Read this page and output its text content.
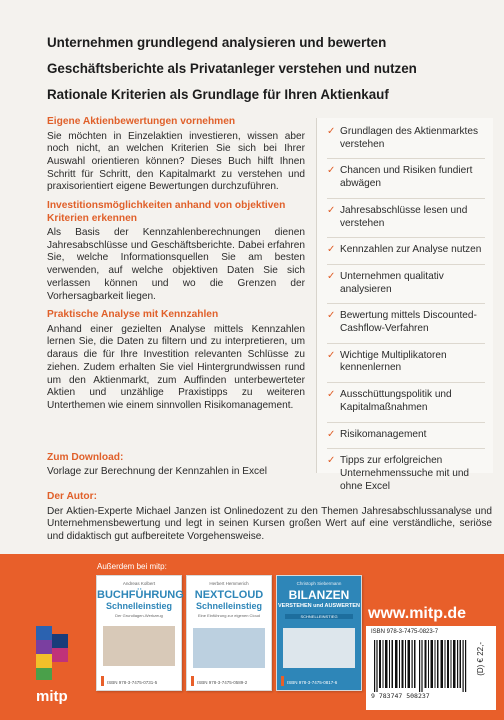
Unternehmen grundlegend analysieren und bewerten
Geschäftsberichte als Privatanleger verstehen und nutzen
Rationale Kriterien als Grundlage für Ihren Aktienkauf

Eigene Aktienbewertungen vornehmen

Sie möchten in Einzelaktien investieren, wissen aber noch nicht, an welchen Kriterien Sie sich bei Ihrer Auswahl orientieren können? Dieses Buch hilft Ihnen Schritt für Schritt, den Kapitalmarkt zu verstehen und praxisorientiert eigene Bewertungen durchzuführen.

Investitionsmöglichkeiten anhand von objektiven Kriterien erkennen

Als Basis der Kennzahlenberechnungen dienen Jahresabschlüsse und Geschäftsberichte. Dabei erfahren Sie, welche Informationsquellen Sie am besten verwenden, auf welche objektiven Daten Sie sich verlassen können und wo die Grenzen der Vorhersagbarkeit liegen.

Praktische Analyse mit Kennzahlen

Anhand einer gezielten Analyse mittels Kennzahlen lernen Sie, die Daten zu filtern und zu interpretieren, um daraus die für Ihre Investition relevanten Schlüsse zu ziehen. Zudem erhalten Sie viel Hintergrundwissen rund um den Aktienmarkt, zum Auffinden unterbewerteter Aktien und unzählige Praxistipps zu weiteren Unterthemen wie einem sinnvollen Risikomanagement.

✓ Grundlagen des Aktienmarktes verstehen
✓ Chancen und Risiken fundiert abwägen
✓ Jahresabschlüsse lesen und verstehen
✓ Kennzahlen zur Analyse nutzen
✓ Unternehmen qualitativ analysieren
✓ Bewertung mittels Discounted-Cashflow-Verfahren
✓ Wichtige Multiplikatoren kennenlernen
✓ Ausschüttungspolitik und Kapitalmaßnahmen
✓ Risikomanagement
✓ Tipps zur erfolgreichen Unternehmenssuche mit und ohne Excel

Zum Download:

Vorlage zur Berechnung der Kennzahlen in Excel

Der Autor:

Der Aktien-Experte Michael Janzen ist Onlinedozent zu den Themen Jahresabschlussanalyse und Unternehmensbewertung und legt in seinen Kursen großen Wert auf eine verständliche, seriöse und didaktisch gut aufbereitete Vorgehensweise.

Außerdem bei mitp:
mitp
Andreas Kolbert
BUCHFÜHRUNG
Schnelleinstieg
Der Grundlagen-Werkzeug
ISBN 978-3-7475-0731-5
Herbert Hemmerich
NEXTCLOUD
Schnelleinstieg
Eine Einführung zur eigenen Cloud
ISBN 978-3-7475-0589-2
Christoph Siebermann
BILANZEN
VERSTEHEN und AUSWERTEN
SCHNELLEINSTIEG
ISBN 978-3-7475-0817-6
www.mitp.de
ISBN 978-3-7475-0823-7
9 783747 508237
(D) € 22,-
